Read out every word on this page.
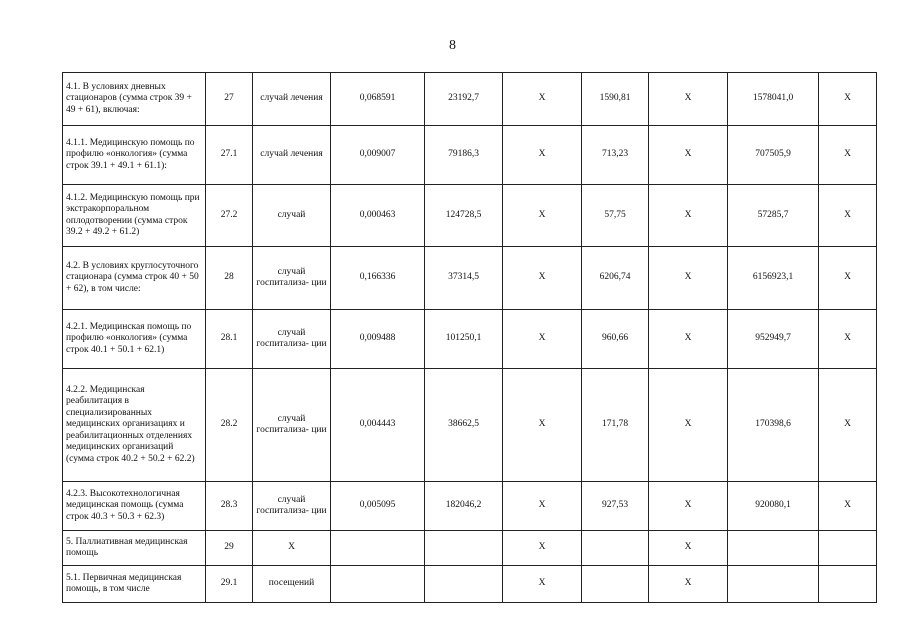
8
4.1. В условиях дневных стационаров (сумма строк 39 + 49 + 61), включая:	27	случай лечения	0,068591	23192,7	X	1590,81	X	1578041,0	X
4.1.1. Медицинскую помощь по профилю «онкология» (сумма строк 39.1 + 49.1 + 61.1):	27.1	случай лечения	0,009007	79186,3	X	713,23	X	707505,9	X
4.1.2. Медицинскую помощь при экстракорпоральном оплодотворении (сумма строк 39.2 + 49.2 + 61.2)	27.2	случай	0,000463	124728,5	X	57,75	X	57285,7	X
4.2. В условиях круглосуточного стационара (сумма строк 40 + 50 + 62), в том числе:	28	случай госпитализа- ции	0,166336	37314,5	X	6206,74	X	6156923,1	X
4.2.1. Медицинская помощь по профилю «онкология» (сумма строк 40.1 + 50.1 + 62.1)	28.1	случай госпитализа- ции	0,009488	101250,1	X	960,66	X	952949,7	X
4.2.2. Медицинская реабилитация в специализированных медицинских организациях и реабилитационных отделениях медицинских организаций (сумма строк 40.2 + 50.2 + 62.2)	28.2	случай госпитализа- ции	0,004443	38662,5	X	171,78	X	170398,6	X
4.2.3. Высокотехнологичная медицинская помощь (сумма строк 40.3 + 50.3 + 62.3)	28.3	случай госпитализа- ции	0,005095	182046,2	X	927,53	X	920080,1	X
5. Паллиативная медицинская помощь	29	X			X		X		
5.1. Первичная медицинская помощь, в том числе	29.1	посещений			X		X		
